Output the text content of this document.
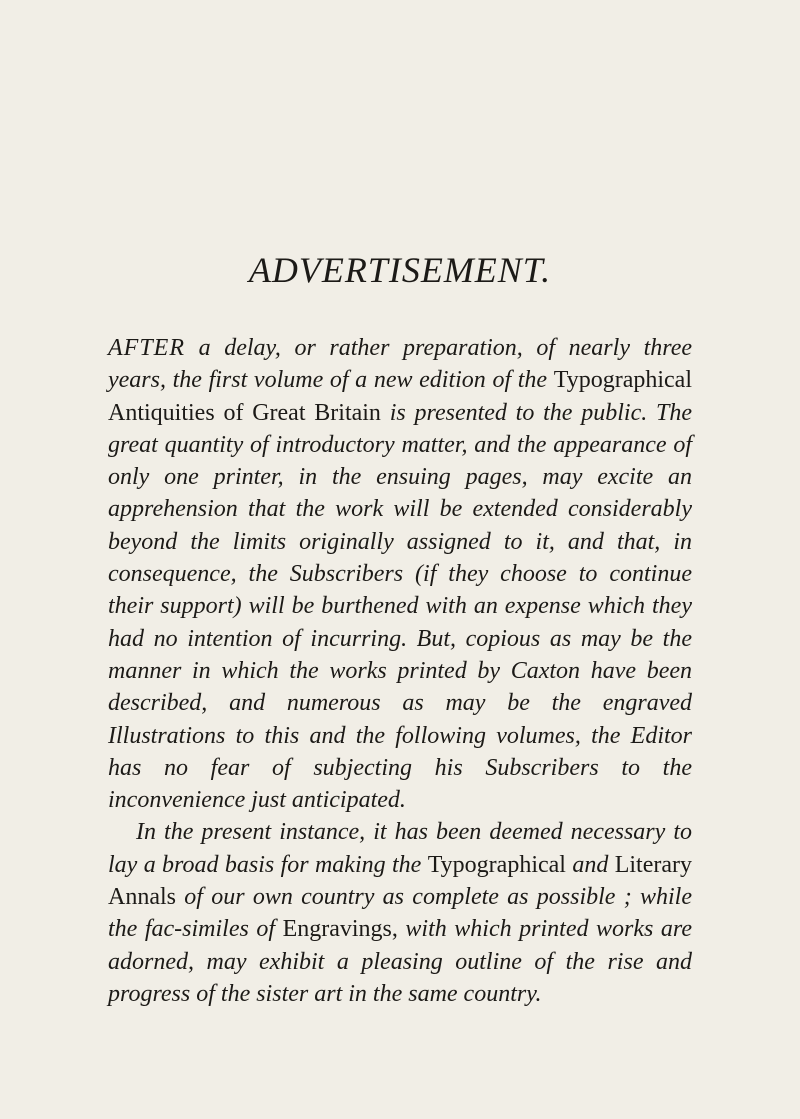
ADVERTISEMENT.

AFTER a delay, or rather preparation, of nearly three years, the first volume of a new edition of the Typographical Antiquities of Great Britain is presented to the public. The great quantity of introductory matter, and the appearance of only one printer, in the ensuing pages, may excite an apprehension that the work will be extended considerably beyond the limits originally assigned to it, and that, in consequence, the Subscribers (if they choose to continue their support) will be burthened with an expense which they had no intention of incurring. But, copious as may be the manner in which the works printed by Caxton have been described, and numerous as may be the engraved Illustrations to this and the following volumes, the Editor has no fear of subjecting his Subscribers to the inconvenience just anticipated.

In the present instance, it has been deemed necessary to lay a broad basis for making the Typographical and Literary Annals of our own country as complete as possible ; while the fac-similes of Engravings, with which printed works are adorned, may exhibit a pleasing outline of the rise and progress of the sister art in the same country.
